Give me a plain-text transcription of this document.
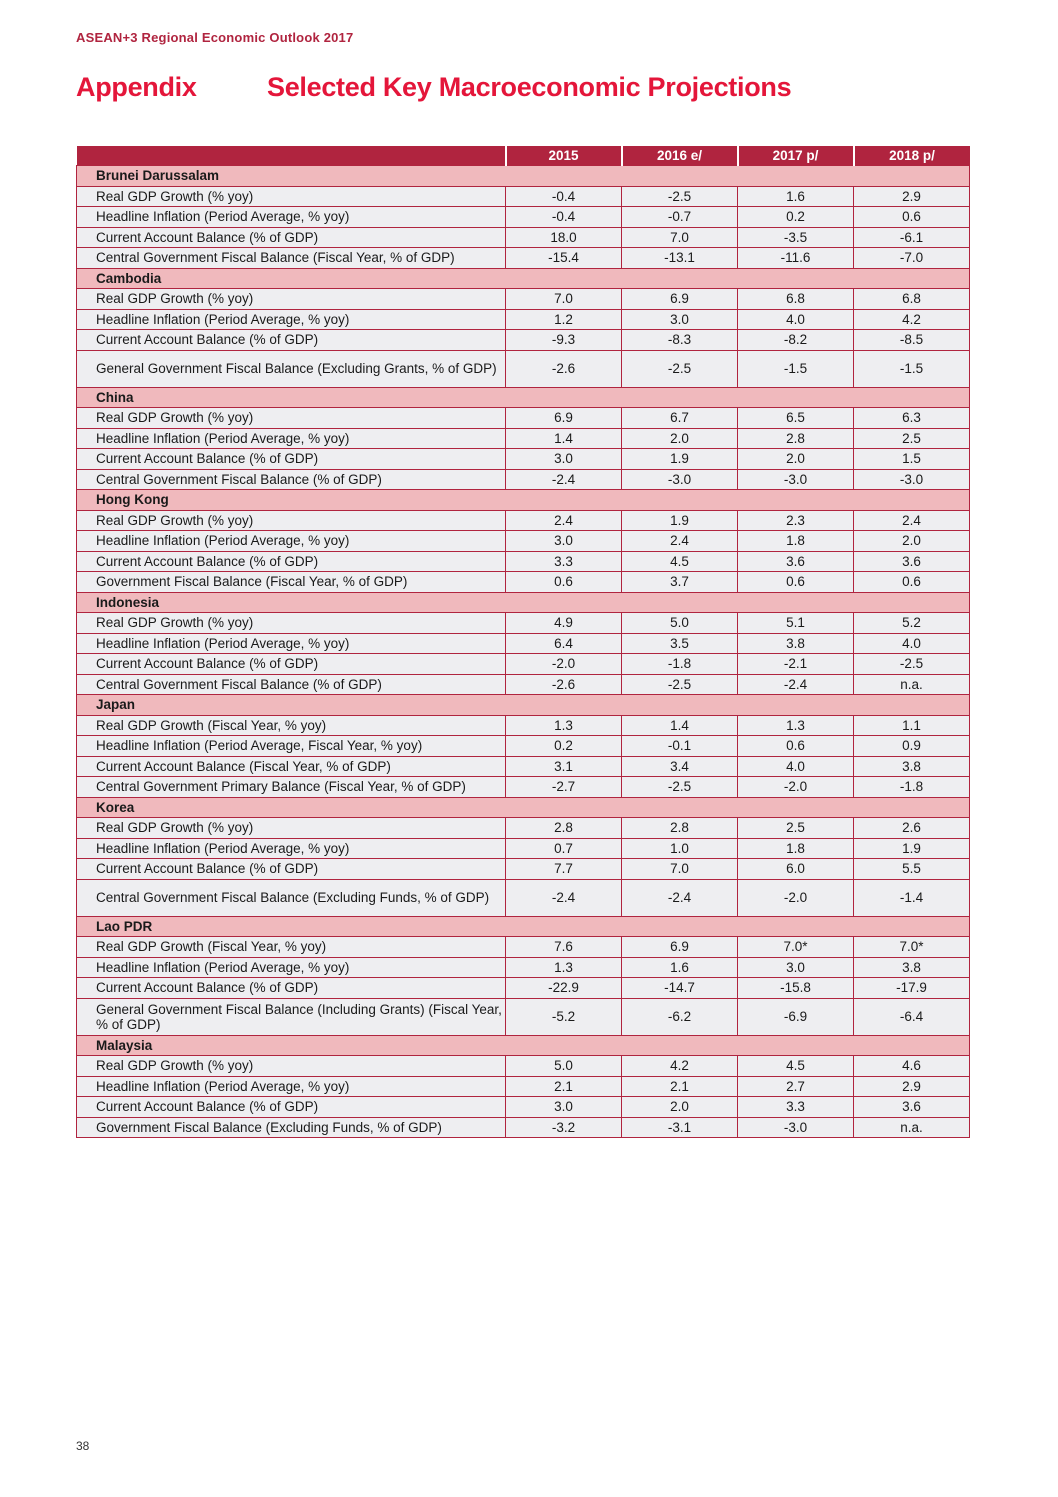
ASEAN+3 Regional Economic Outlook 2017
Appendix	Selected Key Macroeconomic Projections
	2015	2016 e/	2017 p/	2018 p/
Brunei Darussalam				
Real GDP Growth (% yoy)	-0.4	-2.5	1.6	2.9
Headline Inflation (Period Average, % yoy)	-0.4	-0.7	0.2	0.6
Current Account Balance (% of GDP)	18.0	7.0	-3.5	-6.1
Central Government Fiscal Balance (Fiscal Year, % of GDP)	-15.4	-13.1	-11.6	-7.0
Cambodia				
Real GDP Growth (% yoy)	7.0	6.9	6.8	6.8
Headline Inflation (Period Average, % yoy)	1.2	3.0	4.0	4.2
Current Account Balance (% of GDP)	-9.3	-8.3	-8.2	-8.5
General Government Fiscal Balance (Excluding Grants, % of GDP)	-2.6	-2.5	-1.5	-1.5
China				
Real GDP Growth (% yoy)	6.9	6.7	6.5	6.3
Headline Inflation (Period Average, % yoy)	1.4	2.0	2.8	2.5
Current Account Balance (% of GDP)	3.0	1.9	2.0	1.5
Central Government Fiscal Balance (% of GDP)	-2.4	-3.0	-3.0	-3.0
Hong Kong				
Real GDP Growth (% yoy)	2.4	1.9	2.3	2.4
Headline Inflation (Period Average, % yoy)	3.0	2.4	1.8	2.0
Current Account Balance (% of GDP)	3.3	4.5	3.6	3.6
Government Fiscal Balance (Fiscal Year, % of GDP)	0.6	3.7	0.6	0.6
Indonesia				
Real GDP Growth (% yoy)	4.9	5.0	5.1	5.2
Headline Inflation (Period Average, % yoy)	6.4	3.5	3.8	4.0
Current Account Balance (% of GDP)	-2.0	-1.8	-2.1	-2.5
Central Government Fiscal Balance (% of GDP)	-2.6	-2.5	-2.4	n.a.
Japan				
Real GDP Growth (Fiscal Year, % yoy)	1.3	1.4	1.3	1.1
Headline Inflation (Period Average, Fiscal Year, % yoy)	0.2	-0.1	0.6	0.9
Current Account Balance (Fiscal Year, % of GDP)	3.1	3.4	4.0	3.8
Central Government Primary Balance (Fiscal Year, % of GDP)	-2.7	-2.5	-2.0	-1.8
Korea				
Real GDP Growth (% yoy)	2.8	2.8	2.5	2.6
Headline Inflation (Period Average, % yoy)	0.7	1.0	1.8	1.9
Current Account Balance (% of GDP)	7.7	7.0	6.0	5.5
Central Government Fiscal Balance (Excluding Funds, % of GDP)	-2.4	-2.4	-2.0	-1.4
Lao PDR				
Real GDP Growth (Fiscal Year, % yoy)	7.6	6.9	7.0*	7.0*
Headline Inflation (Period Average, % yoy)	1.3	1.6	3.0	3.8
Current Account Balance (% of GDP)	-22.9	-14.7	-15.8	-17.9
General Government Fiscal Balance (Including Grants) (Fiscal Year, % of GDP)	-5.2	-6.2	-6.9	-6.4
Malaysia				
Real GDP Growth (% yoy)	5.0	4.2	4.5	4.6
Headline Inflation (Period Average, % yoy)	2.1	2.1	2.7	2.9
Current Account Balance (% of GDP)	3.0	2.0	3.3	3.6
Government Fiscal Balance (Excluding Funds, % of GDP)	-3.2	-3.1	-3.0	n.a.
38
